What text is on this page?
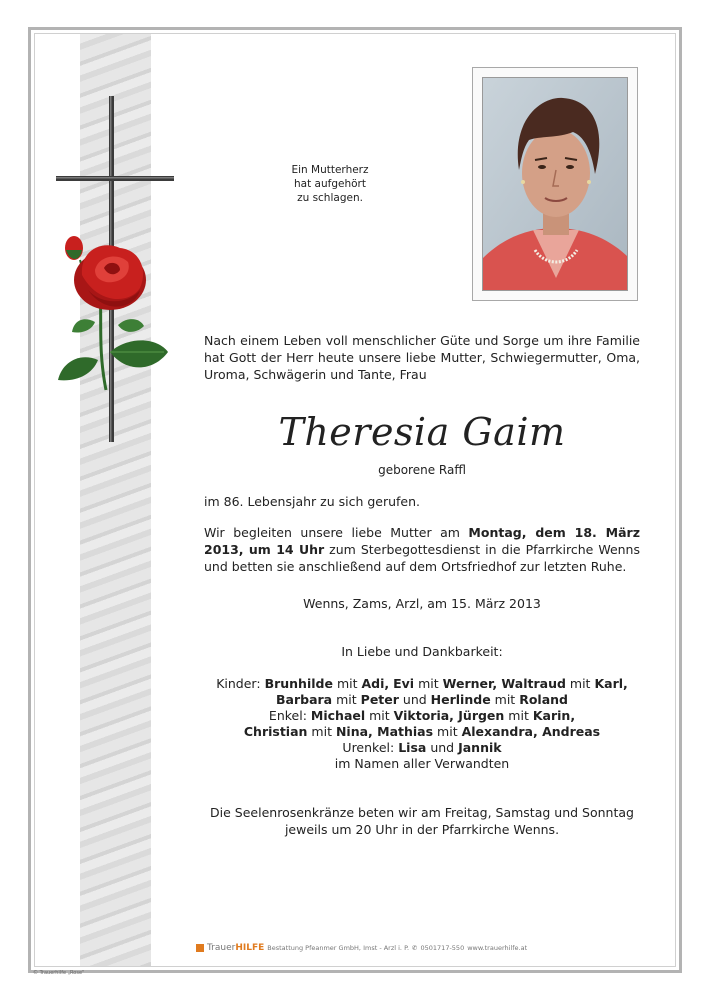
Ein Mutterherz
hat aufgehört
zu schlagen.
Nach einem Leben voll menschlicher Güte und Sorge um ihre Familie hat Gott der Herr heute unsere liebe Mutter, Schwiegermutter, Oma, Uroma, Schwägerin und Tante, Frau
Theresia Gaim
geborene Raffl
im 86. Lebensjahr zu sich gerufen.
Wir begleiten unsere liebe Mutter am Montag, dem 18. März 2013, um 14 Uhr zum Sterbegottesdienst in die Pfarrkirche Wenns und betten sie anschließend auf dem Ortsfriedhof zur letzten Ruhe.
Wenns, Zams, Arzl, am 15. März 2013
In Liebe und Dankbarkeit:
Kinder: Brunhilde mit Adi, Evi mit Werner, Waltraud mit Karl,
Barbara mit Peter und Herlinde mit Roland
Enkel: Michael mit Viktoria, Jürgen mit Karin,
Christian mit Nina, Mathias mit Alexandra, Andreas
Urenkel: Lisa und Jannik
im Namen aller Verwandten
Die Seelenrosenkränze beten wir am Freitag, Samstag und Sonntag jeweils um 20 Uhr in der Pfarrkirche Wenns.
TrauerHILFE Bestattung Pfeanmer GmbH, Imst - Arzl i. P. ✆ 0501717-550 www.trauerhilfe.at
© Trauerhilfe „Rose"
